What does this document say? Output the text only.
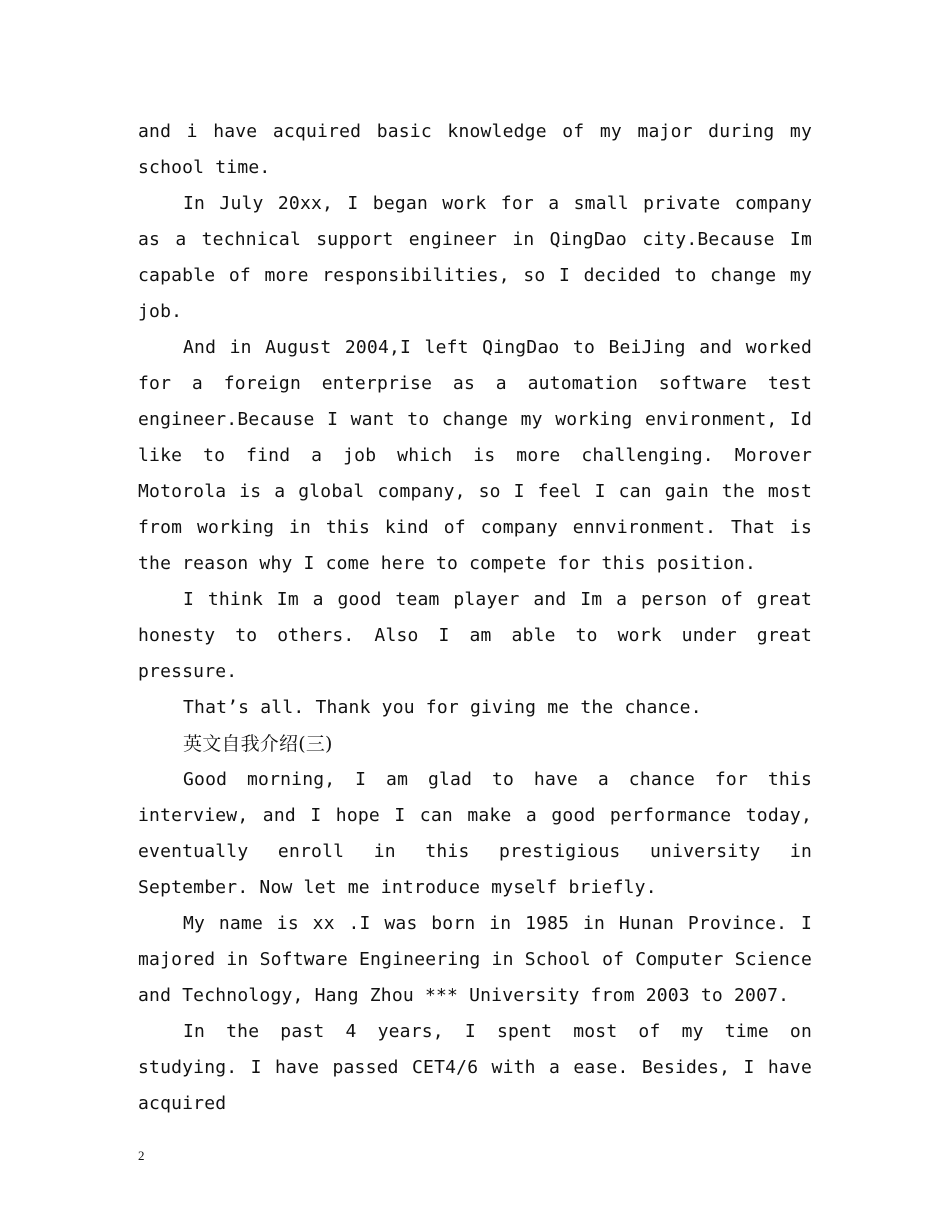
and i have acquired basic knowledge of my major during my school time.

In July 20xx, I began work for a small private company as a technical support engineer in QingDao city.Because Im capable of more responsibilities, so I decided to change my job.

And in August 2004,I left QingDao to BeiJing and worked for a foreign enterprise as a automation software test engineer.Because I want to change my working environment, Id like to find a job which is more challenging. Morover Motorola is a global company, so I feel I can gain the most from working in this kind of company ennvironment. That is the reason why I come here to compete for this position.

I think Im a good team player and Im a person of great honesty to others. Also I am able to work under great pressure.

That’s all. Thank you for giving me the chance.

英文自我介绍(三)

Good morning, I am glad to have a chance for this interview, and I hope I can make a good performance today, eventually enroll in this prestigious university in September. Now let me introduce myself briefly.

My name is xx .I was born in 1985 in Hunan Province. I majored in Software Engineering in School of Computer Science and Technology, Hang Zhou *** University from 2003 to 2007.

In the past 4 years, I spent most of my time on studying. I have passed CET4/6 with a ease. Besides, I have acquired

2
